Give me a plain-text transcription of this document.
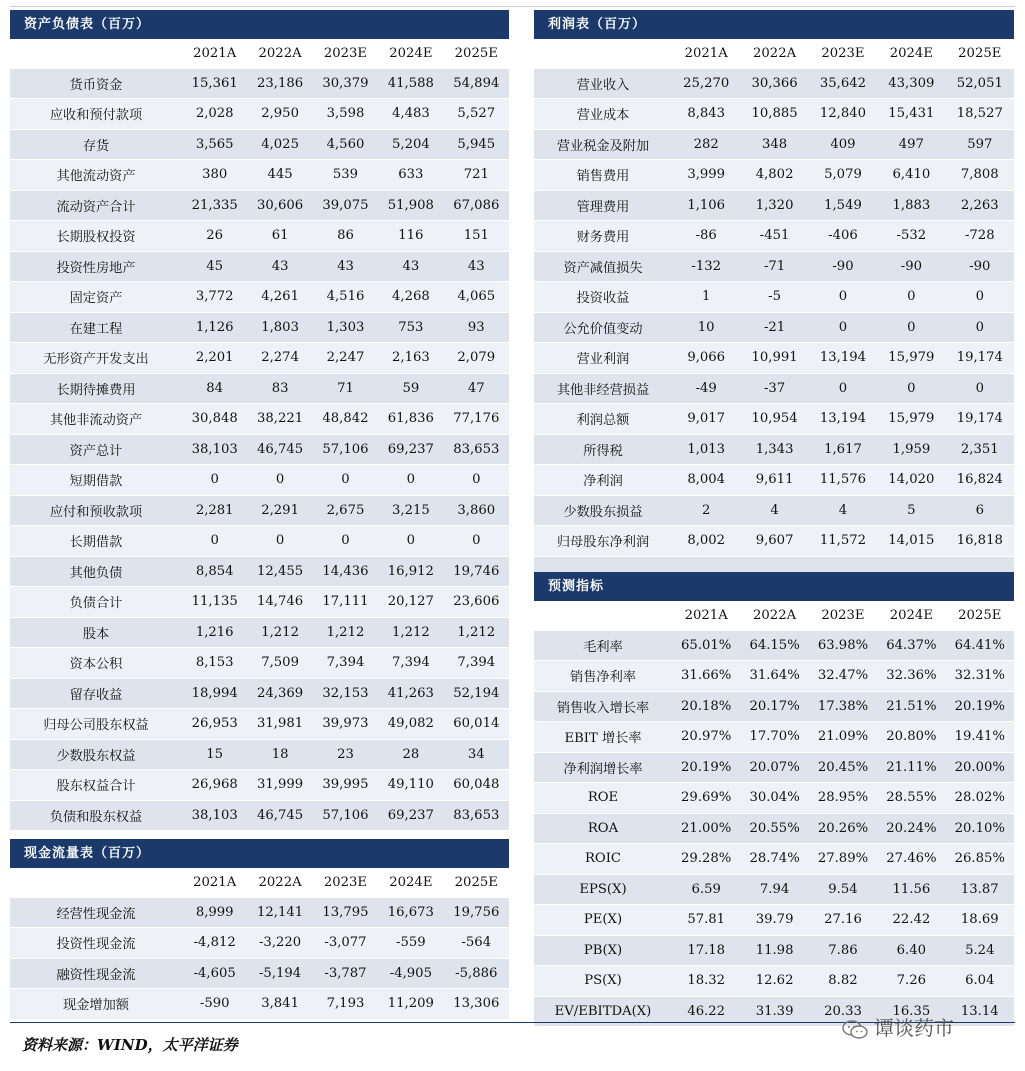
资产负债表（百万）
	2021A	2022A	2023E	2024E	2025E
货币资金	15,361	23,186	30,379	41,588	54,894
应收和预付款项	2,028	2,950	3,598	4,483	5,527
存货	3,565	4,025	4,560	5,204	5,945
其他流动资产	380	445	539	633	721
流动资产合计	21,335	30,606	39,075	51,908	67,086
长期股权投资	26	61	86	116	151
投资性房地产	45	43	43	43	43
固定资产	3,772	4,261	4,516	4,268	4,065
在建工程	1,126	1,803	1,303	753	93
无形资产开发支出	2,201	2,274	2,247	2,163	2,079
长期待摊费用	84	83	71	59	47
其他非流动资产	30,848	38,221	48,842	61,836	77,176
资产总计	38,103	46,745	57,106	69,237	83,653
短期借款	0	0	0	0	0
应付和预收款项	2,281	2,291	2,675	3,215	3,860
长期借款	0	0	0	0	0
其他负债	8,854	12,455	14,436	16,912	19,746
负债合计	11,135	14,746	17,111	20,127	23,606
股本	1,216	1,212	1,212	1,212	1,212
资本公积	8,153	7,509	7,394	7,394	7,394
留存收益	18,994	24,369	32,153	41,263	52,194
归母公司股东权益	26,953	31,981	39,973	49,082	60,014
少数股东权益	15	18	23	28	34
股东权益合计	26,968	31,999	39,995	49,110	60,048
负债和股东权益	38,103	46,745	57,106	69,237	83,653
现金流量表（百万）
	2021A	2022A	2023E	2024E	2025E
经营性现金流	8,999	12,141	13,795	16,673	19,756
投资性现金流	-4,812	-3,220	-3,077	-559	-564
融资性现金流	-4,605	-5,194	-3,787	-4,905	-5,886
现金增加额	-590	3,841	7,193	11,209	13,306
利润表（百万）
	2021A	2022A	2023E	2024E	2025E
营业收入	25,270	30,366	35,642	43,309	52,051
营业成本	8,843	10,885	12,840	15,431	18,527
营业税金及附加	282	348	409	497	597
销售费用	3,999	4,802	5,079	6,410	7,808
管理费用	1,106	1,320	1,549	1,883	2,263
财务费用	-86	-451	-406	-532	-728
资产减值损失	-132	-71	-90	-90	-90
投资收益	1	-5	0	0	0
公允价值变动	10	-21	0	0	0
营业利润	9,066	10,991	13,194	15,979	19,174
其他非经营损益	-49	-37	0	0	0
利润总额	9,017	10,954	13,194	15,979	19,174
所得税	1,013	1,343	1,617	1,959	2,351
净利润	8,004	9,611	11,576	14,020	16,824
少数股东损益	2	4	4	5	6
归母股东净利润	8,002	9,607	11,572	14,015	16,818
预测指标
	2021A	2022A	2023E	2024E	2025E
毛利率	65.01%	64.15%	63.98%	64.37%	64.41%
销售净利率	31.66%	31.64%	32.47%	32.36%	32.31%
销售收入增长率	20.18%	20.17%	17.38%	21.51%	20.19%
EBIT 增长率	20.97%	17.70%	21.09%	20.80%	19.41%
净利润增长率	20.19%	20.07%	20.45%	21.11%	20.00%
ROE	29.69%	30.04%	28.95%	28.55%	28.02%
ROA	21.00%	20.55%	20.26%	20.24%	20.10%
ROIC	29.28%	28.74%	27.89%	27.46%	26.85%
EPS(X)	6.59	7.94	9.54	11.56	13.87
PE(X)	57.81	39.79	27.16	22.42	18.69
PB(X)	17.18	11.98	7.86	6.40	5.24
PS(X)	18.32	12.62	8.82	7.26	6.04
EV/EBITDA(X)	46.22	31.39	20.33	16.35	13.14
资料来源：WIND，太平洋证券
谭谈药市
